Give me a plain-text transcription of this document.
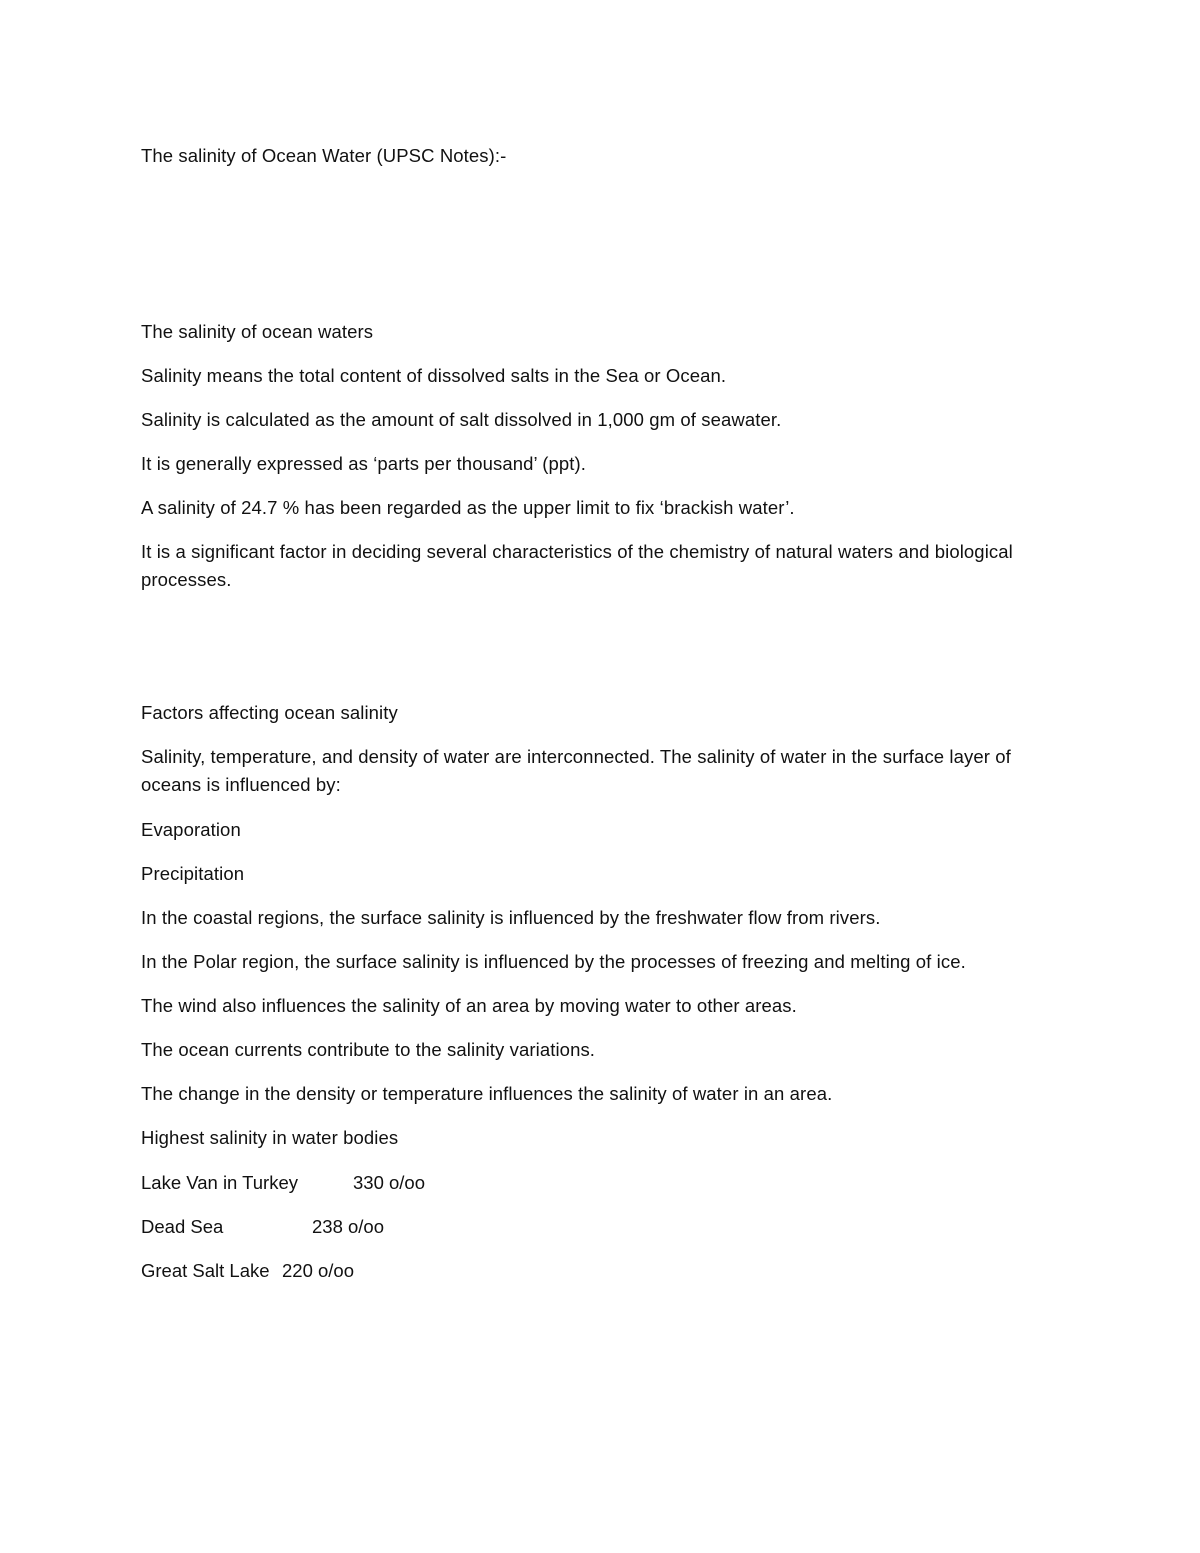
The salinity of Ocean Water (UPSC Notes):-
The salinity of ocean waters
Salinity means the total content of dissolved salts in the Sea or Ocean.
Salinity is calculated as the amount of salt dissolved in 1,000 gm of seawater.
It is generally expressed as ‘parts per thousand’ (ppt).
A salinity of 24.7 % has been regarded as the upper limit to fix ‘brackish water’.
It is a significant factor in deciding several characteristics of the chemistry of natural waters and biological processes.
Factors affecting ocean salinity
Salinity, temperature, and density of water are interconnected. The salinity of water in the surface layer of oceans is influenced by:
Evaporation
Precipitation
In the coastal regions, the surface salinity is influenced by the freshwater flow from rivers.
In the Polar region, the surface salinity is influenced by the processes of freezing and melting of ice.
The wind also influences the salinity of an area by moving water to other areas.
The ocean currents contribute to the salinity variations.
The change in the density or temperature influences the salinity of water in an area.
Highest salinity in water bodies
Lake Van in Turkey	330 o/oo
Dead Sea	238 o/oo
Great Salt Lake 220 o/oo
